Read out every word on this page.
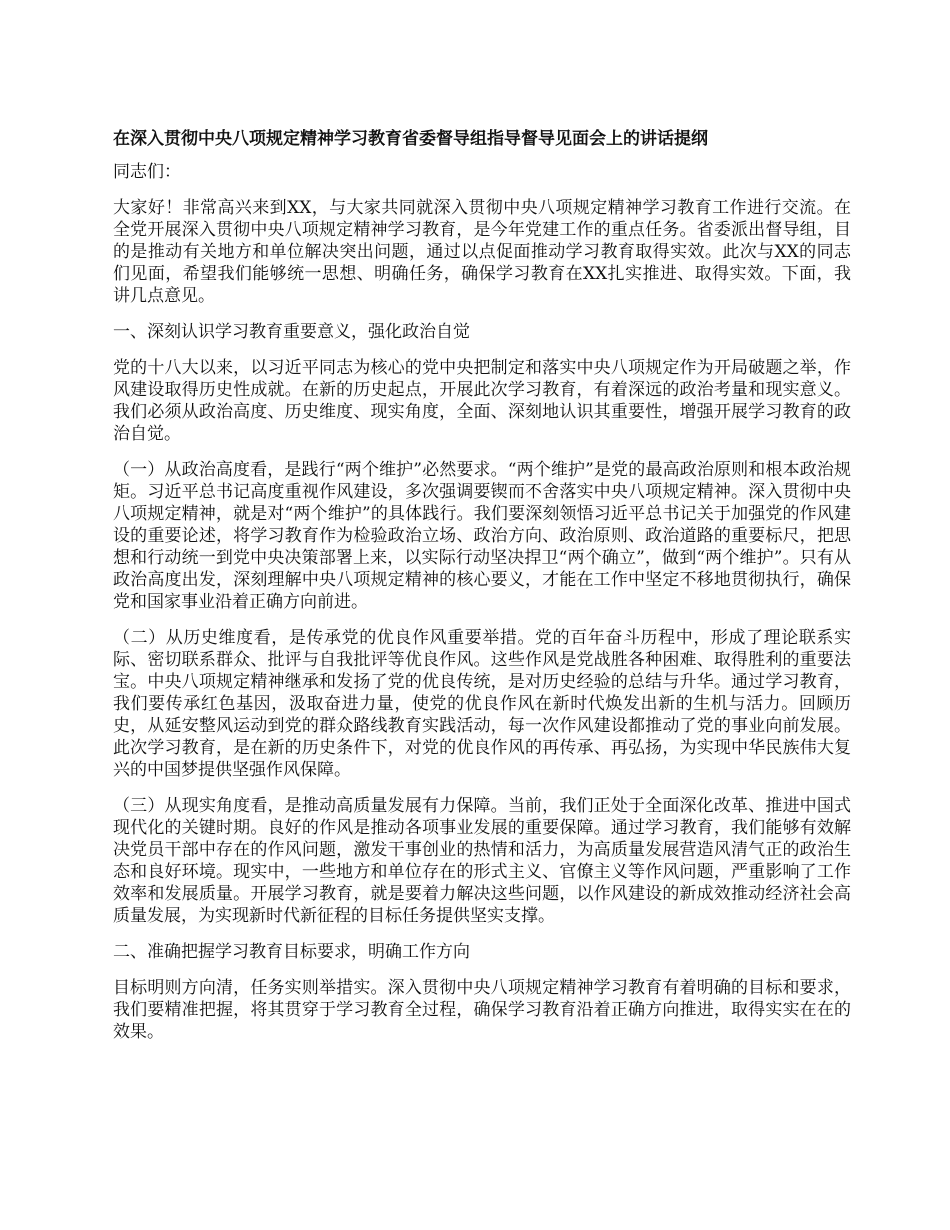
在深入贯彻中央八项规定精神学习教育省委督导组指导督导见面会上的讲话提纲

同志们：

大家好！非常高兴来到XX，与大家共同就深入贯彻中央八项规定精神学习教育工作进行交流。在全党开展深入贯彻中央八项规定精神学习教育，是今年党建工作的重点任务。省委派出督导组，目的是推动有关地方和单位解决突出问题，通过以点促面推动学习教育取得实效。此次与XX的同志们见面，希望我们能够统一思想、明确任务，确保学习教育在XX扎实推进、取得实效。下面，我讲几点意见。

一、深刻认识学习教育重要意义，强化政治自觉

党的十八大以来，以习近平同志为核心的党中央把制定和落实中央八项规定作为开局破题之举，作风建设取得历史性成就。在新的历史起点，开展此次学习教育，有着深远的政治考量和现实意义。我们必须从政治高度、历史维度、现实角度，全面、深刻地认识其重要性，增强开展学习教育的政治自觉。

（一）从政治高度看，是践行“两个维护”必然要求。“两个维护”是党的最高政治原则和根本政治规矩。习近平总书记高度重视作风建设，多次强调要锲而不舍落实中央八项规定精神。深入贯彻中央八项规定精神，就是对“两个维护”的具体践行。我们要深刻领悟习近平总书记关于加强党的作风建设的重要论述，将学习教育作为检验政治立场、政治方向、政治原则、政治道路的重要标尺，把思想和行动统一到党中央决策部署上来，以实际行动坚决捍卫“两个确立”，做到“两个维护”。只有从政治高度出发，深刻理解中央八项规定精神的核心要义，才能在工作中坚定不移地贯彻执行，确保党和国家事业沿着正确方向前进。

（二）从历史维度看，是传承党的优良作风重要举措。党的百年奋斗历程中，形成了理论联系实际、密切联系群众、批评与自我批评等优良作风。这些作风是党战胜各种困难、取得胜利的重要法宝。中央八项规定精神继承和发扬了党的优良传统，是对历史经验的总结与升华。通过学习教育，我们要传承红色基因，汲取奋进力量，使党的优良作风在新时代焕发出新的生机与活力。回顾历史，从延安整风运动到党的群众路线教育实践活动，每一次作风建设都推动了党的事业向前发展。此次学习教育，是在新的历史条件下，对党的优良作风的再传承、再弘扬，为实现中华民族伟大复兴的中国梦提供坚强作风保障。

（三）从现实角度看，是推动高质量发展有力保障。当前，我们正处于全面深化改革、推进中国式现代化的关键时期。良好的作风是推动各项事业发展的重要保障。通过学习教育，我们能够有效解决党员干部中存在的作风问题，激发干事创业的热情和活力，为高质量发展营造风清气正的政治生态和良好环境。现实中，一些地方和单位存在的形式主义、官僚主义等作风问题，严重影响了工作效率和发展质量。开展学习教育，就是要着力解决这些问题，以作风建设的新成效推动经济社会高质量发展，为实现新时代新征程的目标任务提供坚实支撑。

二、准确把握学习教育目标要求，明确工作方向

目标明则方向清，任务实则举措实。深入贯彻中央八项规定精神学习教育有着明确的目标和要求，我们要精准把握，将其贯穿于学习教育全过程，确保学习教育沿着正确方向推进，取得实实在在的效果。
